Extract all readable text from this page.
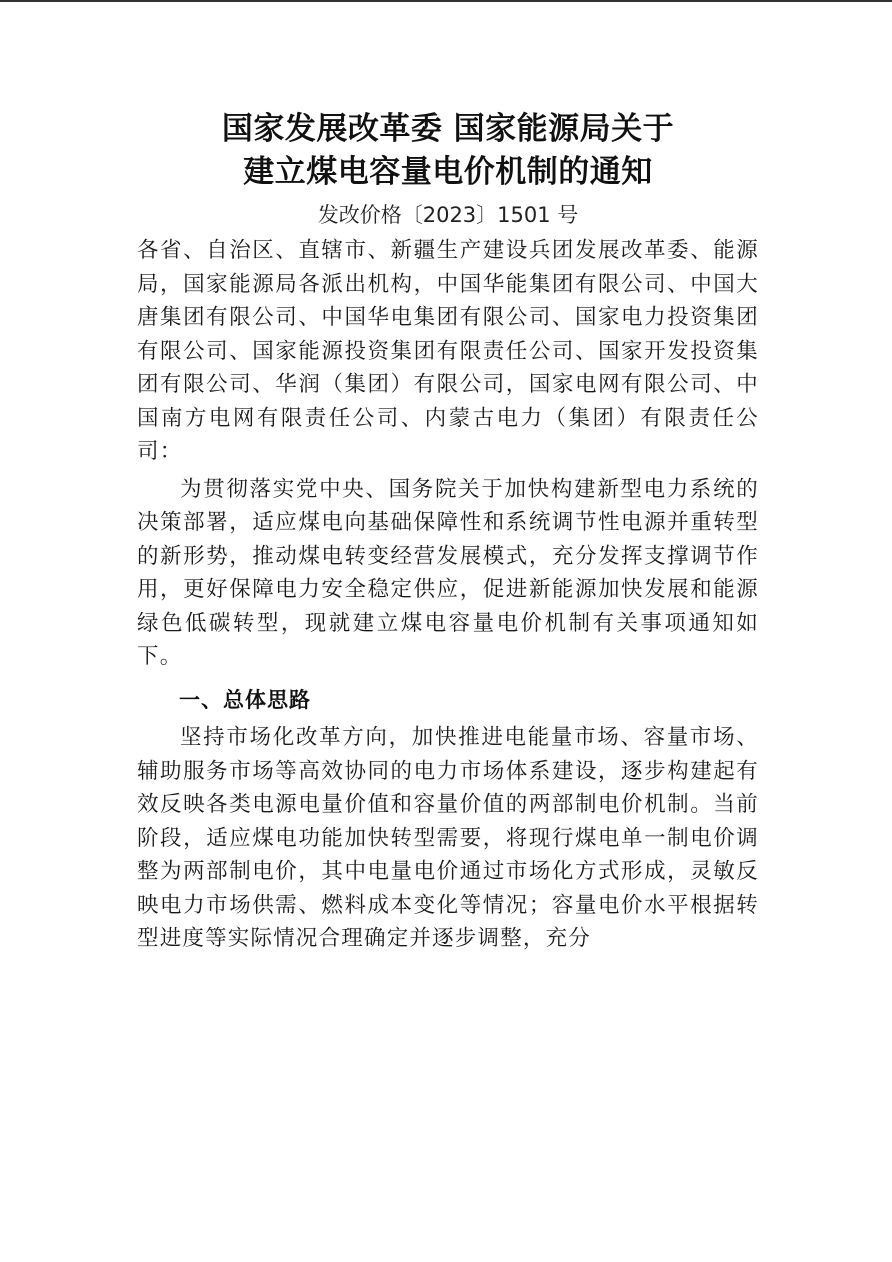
国家发展改革委 国家能源局关于
建立煤电容量电价机制的通知
发改价格〔2023〕1501 号

各省、自治区、直辖市、新疆生产建设兵团发展改革委、能源局，国家能源局各派出机构，中国华能集团有限公司、中国大唐集团有限公司、中国华电集团有限公司、国家电力投资集团有限公司、国家能源投资集团有限责任公司、国家开发投资集团有限公司、华润（集团）有限公司，国家电网有限公司、中国南方电网有限责任公司、内蒙古电力（集团）有限责任公司：

为贯彻落实党中央、国务院关于加快构建新型电力系统的决策部署，适应煤电向基础保障性和系统调节性电源并重转型的新形势，推动煤电转变经营发展模式，充分发挥支撑调节作用，更好保障电力安全稳定供应，促进新能源加快发展和能源绿色低碳转型，现就建立煤电容量电价机制有关事项通知如下。

一、总体思路

坚持市场化改革方向，加快推进电能量市场、容量市场、辅助服务市场等高效协同的电力市场体系建设，逐步构建起有效反映各类电源电量价值和容量价值的两部制电价机制。当前阶段，适应煤电功能加快转型需要，将现行煤电单一制电价调整为两部制电价，其中电量电价通过市场化方式形成，灵敏反映电力市场供需、燃料成本变化等情况；容量电价水平根据转型进度等实际情况合理确定并逐步调整，充分
